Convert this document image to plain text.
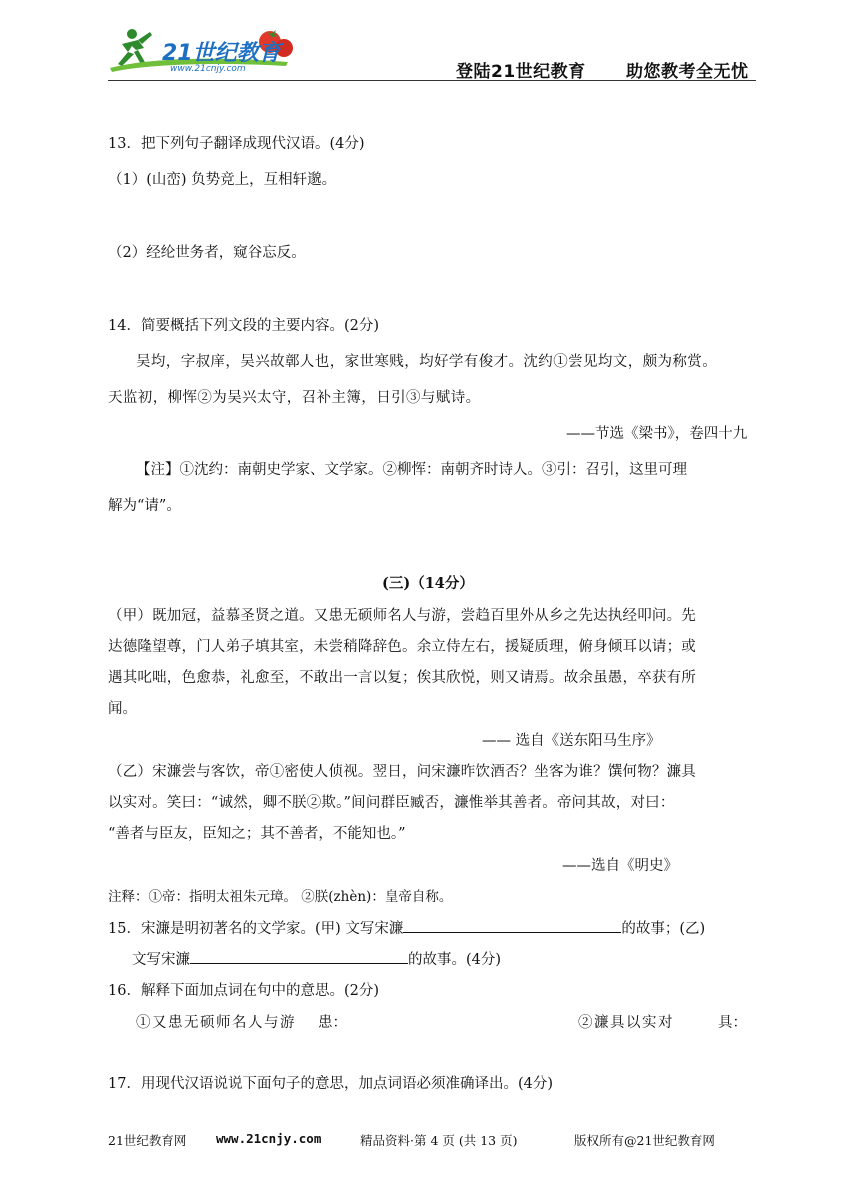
21世纪教育
www.21cnjy.com	登陆21世纪教育 助您教考全无忧
13．把下列句子翻译成现代汉语。(4分)
（1）(山峦) 负势竞上，互相轩邈。
（2）经纶世务者，窥谷忘反。
14．简要概括下列文段的主要内容。(2分)
吴均，字叔庠，吴兴故鄣人也，家世寒贱，均好学有俊才。沈约①尝见均文，颇为称赏。
天监初，柳恽②为吴兴太守，召补主簿，日引③与赋诗。
——节选《梁书》，卷四十九
【注】①沈约：南朝史学家、文学家。②柳恽：南朝齐时诗人。③引：召引，这里可理
解为“请”。
(三)（14分）
（甲）既加冠，益慕圣贤之道。又患无硕师名人与游，尝趋百里外从乡之先达执经叩问。先
达德隆望尊，门人弟子填其室，未尝稍降辞色。余立侍左右，援疑质理，俯身倾耳以请；或
遇其叱咄，色愈恭，礼愈至，不敢出一言以复；俟其欣悦，则又请焉。故余虽愚，卒获有所
闻。
—— 选自《送东阳马生序》
（乙）宋濂尝与客饮，帝①密使人侦视。翌日，问宋濂昨饮酒否？坐客为谁？馔何物？濂具
以实对。笑曰：“诚然，卿不朕②欺。”间问群臣臧否，濂惟举其善者。帝问其故，对曰：
“善者与臣友，臣知之；其不善者，不能知也。”
——选自《明史》
注释：①帝：指明太祖朱元璋。 ②朕(zhèn)：皇帝自称。
15．宋濂是明初著名的文学家。(甲) 文写宋濂	的故事；(乙)
文写宋濂	的故事。(4分)
16．解释下面加点词在句中的意思。(2分)
①又患无硕师名人与游 患：	②濂具以实对	具：
17．用现代汉语说说下面句子的意思，加点词语必须准确译出。(4分)
21世纪教育网 www.21cnjy.com	精品资料·第 4 页 (共 13 页)	版权所有@21世纪教育网
